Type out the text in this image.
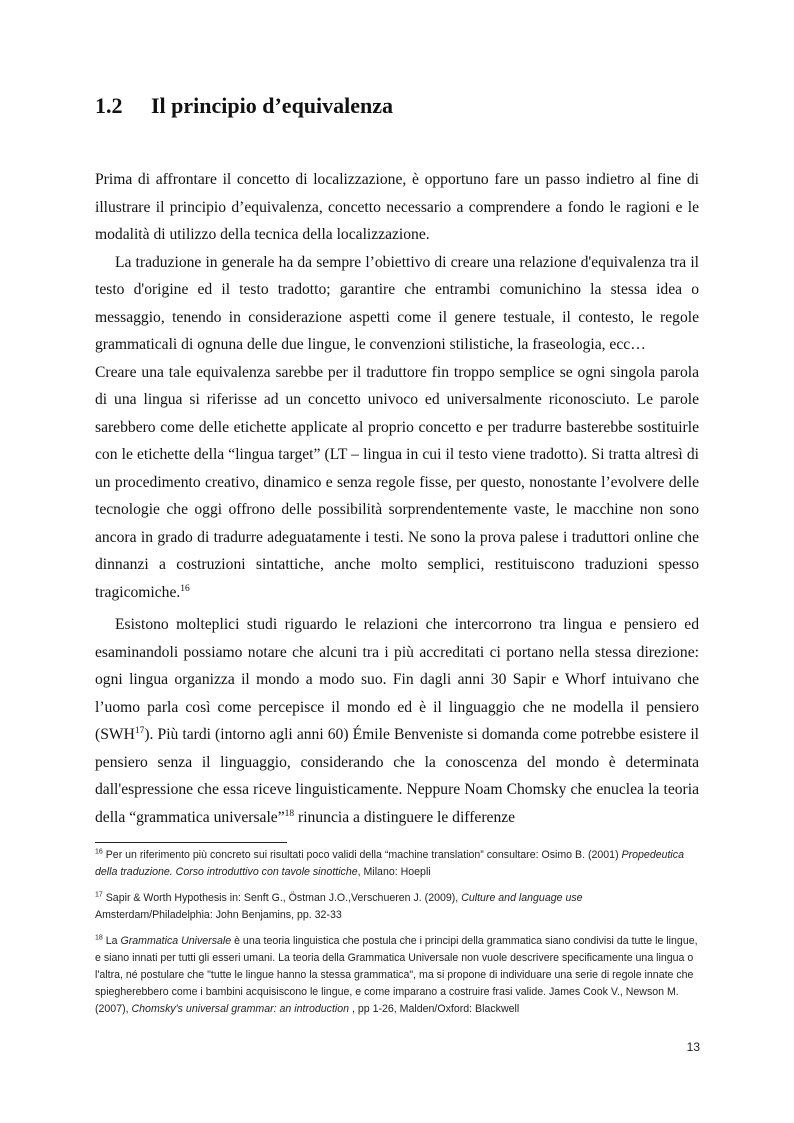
1.2 Il principio d’equivalenza

Prima di affrontare il concetto di localizzazione, è opportuno fare un passo indietro al fine di illustrare il principio d’equivalenza, concetto necessario a comprendere a fondo le ragioni e le modalità di utilizzo della tecnica della localizzazione.

La traduzione in generale ha da sempre l’obiettivo di creare una relazione d'equivalenza tra il testo d'origine ed il testo tradotto; garantire che entrambi comunichino la stessa idea o messaggio, tenendo in considerazione aspetti come il genere testuale, il contesto, le regole grammaticali di ognuna delle due lingue, le convenzioni stilistiche, la fraseologia, ecc…

Creare una tale equivalenza sarebbe per il traduttore fin troppo semplice se ogni singola parola di una lingua si riferisse ad un concetto univoco ed universalmente riconosciuto. Le parole sarebbero come delle etichette applicate al proprio concetto e per tradurre basterebbe sostituirle con le etichette della “lingua target” (LT – lingua in cui il testo viene tradotto). Si tratta altresì di un procedimento creativo, dinamico e senza regole fisse, per questo, nonostante l’evolvere delle tecnologie che oggi offrono delle possibilità sorprendentemente vaste, le macchine non sono ancora in grado di tradurre adeguatamente i testi. Ne sono la prova palese i traduttori online che dinnanzi a costruzioni sintattiche, anche molto semplici, restituiscono traduzioni spesso tragicomiche.$^{16}$

Esistono molteplici studi riguardo le relazioni che intercorrono tra lingua e pensiero ed esaminandoli possiamo notare che alcuni tra i più accreditati ci portano nella stessa direzione: ogni lingua organizza il mondo a modo suo. Fin dagli anni 30 Sapir e Whorf intuivano che l’uomo parla così come percepisce il mondo ed è il linguaggio che ne modella il pensiero (SWH$^{17}$). Più tardi (intorno agli anni 60) Émile Benveniste si domanda come potrebbe esistere il pensiero senza il linguaggio, considerando che la conoscenza del mondo è determinata dall'espressione che essa riceve linguisticamente. Neppure Noam Chomsky che enuclea la teoria della “grammatica universale”$^{18}$ rinuncia a distinguere le differenze

$^{16}$ Per un riferimento più concreto sui risultati poco validi della “machine translation” consultare: Osimo B. (2001) Propedeutica della traduzione. Corso introduttivo con tavole sinottiche, Milano: Hoepli

$^{17}$ Sapir & Worth Hypothesis in: Senft G., Östman J.O.,Verschueren J. (2009), Culture and language use Amsterdam/Philadelphia: John Benjamins, pp. 32-33

$^{18}$ La Grammatica Universale è una teoria linguistica che postula che i principi della grammatica siano condivisi da tutte le lingue, e siano innati per tutti gli esseri umani. La teoria della Grammatica Universale non vuole descrivere specificamente una lingua o l'altra, né postulare che "tutte le lingue hanno la stessa grammatica", ma si propone di individuare una serie di regole innate che spiegherebbero come i bambini acquisiscono le lingue, e come imparano a costruire frasi valide. James Cook V., Newson M. (2007), Chomsky's universal grammar: an introduction , pp 1-26, Malden/Oxford: Blackwell

13
